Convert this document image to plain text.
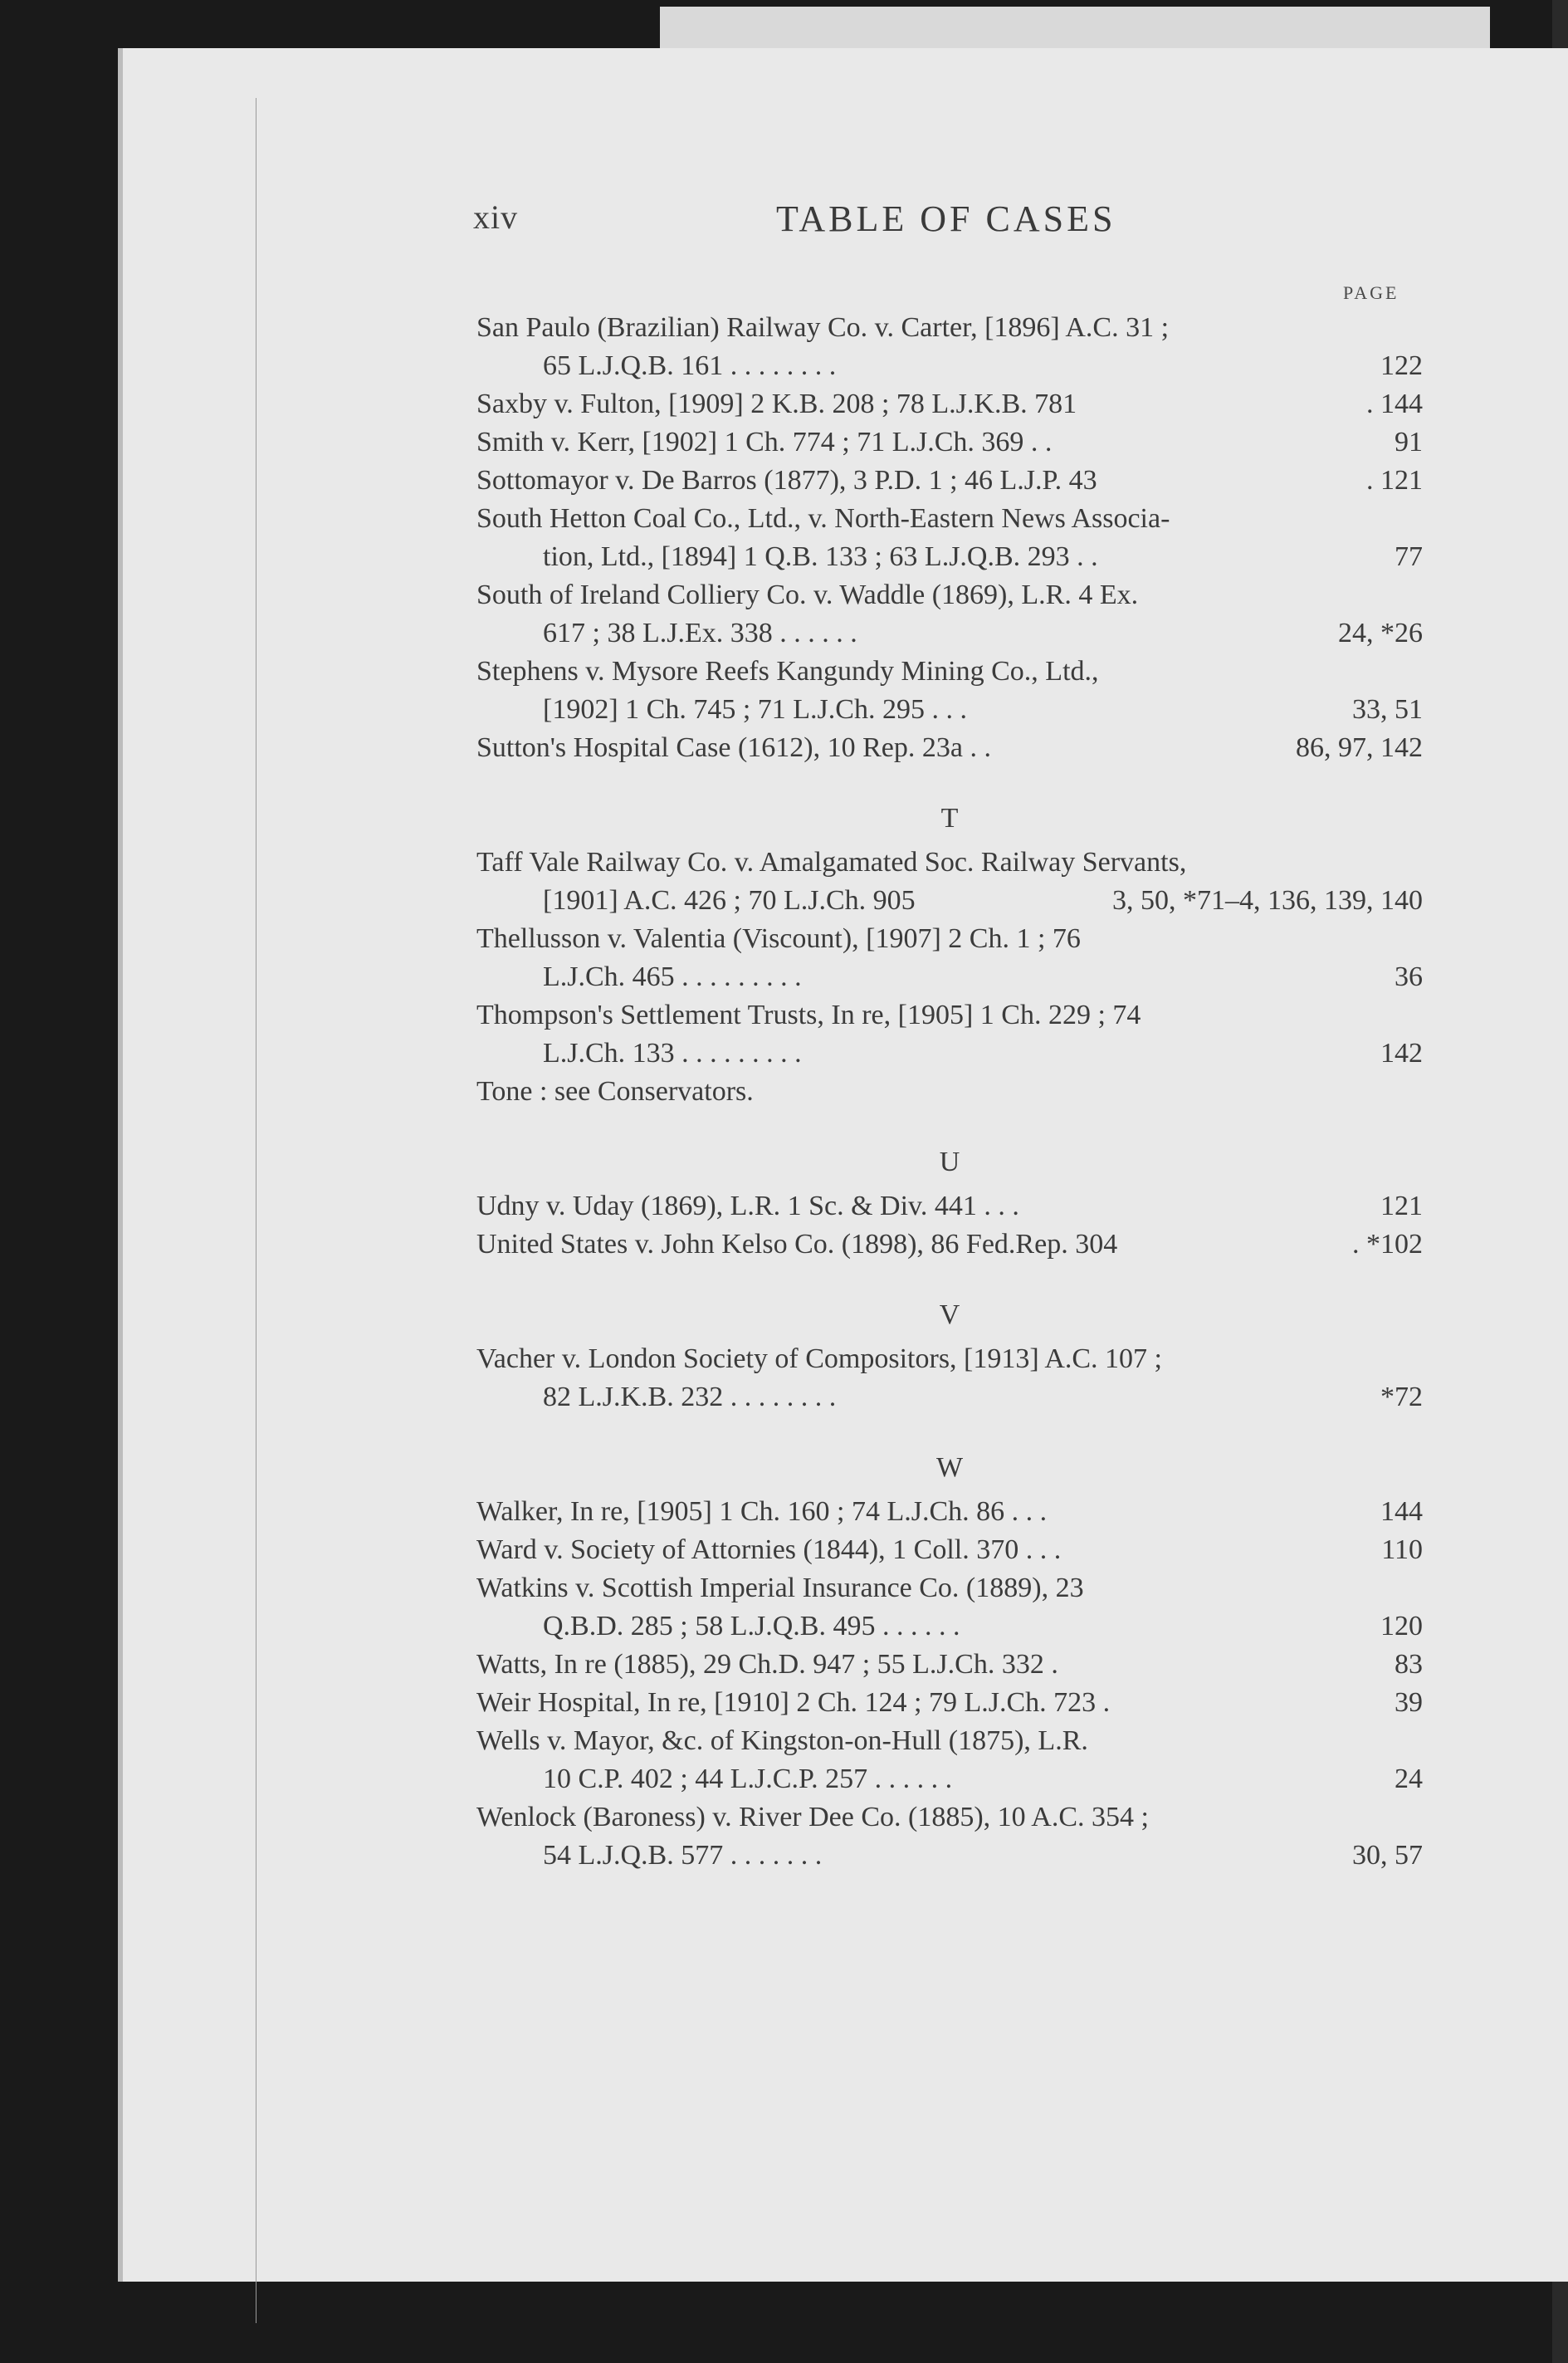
xiv	TABLE OF CASES
PAGE
San Paulo (Brazilian) Railway Co. v. Carter, [1896] A.C. 31 ;
65 L.J.Q.B. 161 . . . . . . . .	122
Saxby v. Fulton, [1909] 2 K.B. 208 ; 78 L.J.K.B. 781	. 144
Smith v. Kerr, [1902] 1 Ch. 774 ; 71 L.J.Ch. 369 . .	91
Sottomayor v. De Barros (1877), 3 P.D. 1 ; 46 L.J.P. 43	. 121
South Hetton Coal Co., Ltd., v. North-Eastern News Associa-
tion, Ltd., [1894] 1 Q.B. 133 ; 63 L.J.Q.B. 293 . .	77
South of Ireland Colliery Co. v. Waddle (1869), L.R. 4 Ex.
617 ; 38 L.J.Ex. 338 . . . . . .	24, *26
Stephens v. Mysore Reefs Kangundy Mining Co., Ltd.,
[1902] 1 Ch. 745 ; 71 L.J.Ch. 295 . . .	33, 51
Sutton's Hospital Case (1612), 10 Rep. 23a . .	86, 97, 142
T
Taff Vale Railway Co. v. Amalgamated Soc. Railway Servants,
[1901] A.C. 426 ; 70 L.J.Ch. 905	3, 50, *71–4, 136, 139, 140
Thellusson v. Valentia (Viscount), [1907] 2 Ch. 1 ; 76
L.J.Ch. 465 . . . . . . . . .	36
Thompson's Settlement Trusts, In re, [1905] 1 Ch. 229 ; 74
L.J.Ch. 133 . . . . . . . . .	142
Tone : see Conservators.
U
Udny v. Uday (1869), L.R. 1 Sc. & Div. 441 . . .	121
United States v. John Kelso Co. (1898), 86 Fed.Rep. 304	. *102
V
Vacher v. London Society of Compositors, [1913] A.C. 107 ;
82 L.J.K.B. 232 . . . . . . . .	*72
W
Walker, In re, [1905] 1 Ch. 160 ; 74 L.J.Ch. 86 . . .	144
Ward v. Society of Attornies (1844), 1 Coll. 370 . . .	110
Watkins v. Scottish Imperial Insurance Co. (1889), 23
Q.B.D. 285 ; 58 L.J.Q.B. 495 . . . . . .	120
Watts, In re (1885), 29 Ch.D. 947 ; 55 L.J.Ch. 332 .	83
Weir Hospital, In re, [1910] 2 Ch. 124 ; 79 L.J.Ch. 723 .	39
Wells v. Mayor, &c. of Kingston-on-Hull (1875), L.R.
10 C.P. 402 ; 44 L.J.C.P. 257 . . . . . .	24
Wenlock (Baroness) v. River Dee Co. (1885), 10 A.C. 354 ;
54 L.J.Q.B. 577 . . . . . . .	30, 57
